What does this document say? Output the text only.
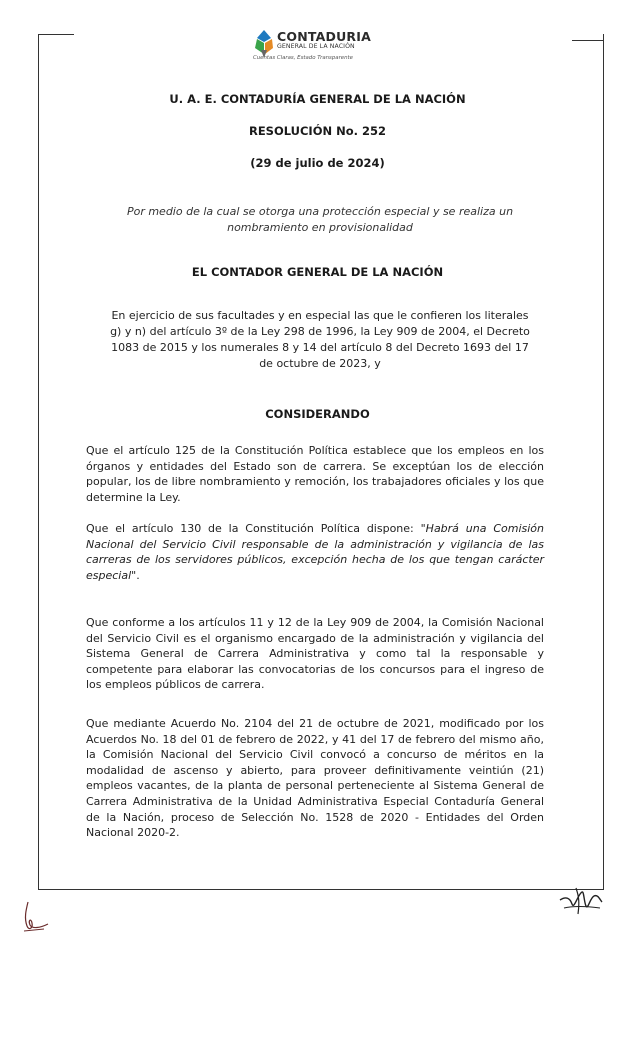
CONTADURIA
GENERAL DE LA NACIÓN
Cuentas Claras, Estado Transparente
U. A. E. CONTADURÍA GENERAL DE LA NACIÓN
RESOLUCIÓN No. 252
(29 de julio de 2024)
Por medio de la cual se otorga una protección especial y se realiza un nombramiento en provisionalidad
EL CONTADOR GENERAL DE LA NACIÓN
En ejercicio de sus facultades y en especial las que le confieren los literales g) y n) del artículo 3º de la Ley 298 de 1996, la Ley 909 de 2004, el Decreto 1083 de 2015 y los numerales 8 y 14 del artículo 8 del Decreto 1693 del 17 de octubre de 2023, y
CONSIDERANDO

Que el artículo 125 de la Constitución Política establece que los empleos en los órganos y entidades del Estado son de carrera. Se exceptúan los de elección popular, los de libre nombramiento y remoción, los trabajadores oficiales y los que determine la Ley.

Que el artículo 130 de la Constitución Política dispone: "Habrá una Comisión Nacional del Servicio Civil responsable de la administración y vigilancia de las carreras de los servidores públicos, excepción hecha de los que tengan carácter especial".

Que conforme a los artículos 11 y 12 de la Ley 909 de 2004, la Comisión Nacional del Servicio Civil es el organismo encargado de la administración y vigilancia del Sistema General de Carrera Administrativa y como tal la responsable y competente para elaborar las convocatorias de los concursos para el ingreso de los empleos públicos de carrera.

Que mediante Acuerdo No. 2104 del 21 de octubre de 2021, modificado por los Acuerdos No. 18 del 01 de febrero de 2022, y 41 del 17 de febrero del mismo año, la Comisión Nacional del Servicio Civil convocó a concurso de méritos en la modalidad de ascenso y abierto, para proveer definitivamente veintiún (21) empleos vacantes, de la planta de personal perteneciente al Sistema General de Carrera Administrativa de la Unidad Administrativa Especial Contaduría General de la Nación, proceso de Selección No. 1528 de 2020 - Entidades del Orden Nacional 2020-2.
